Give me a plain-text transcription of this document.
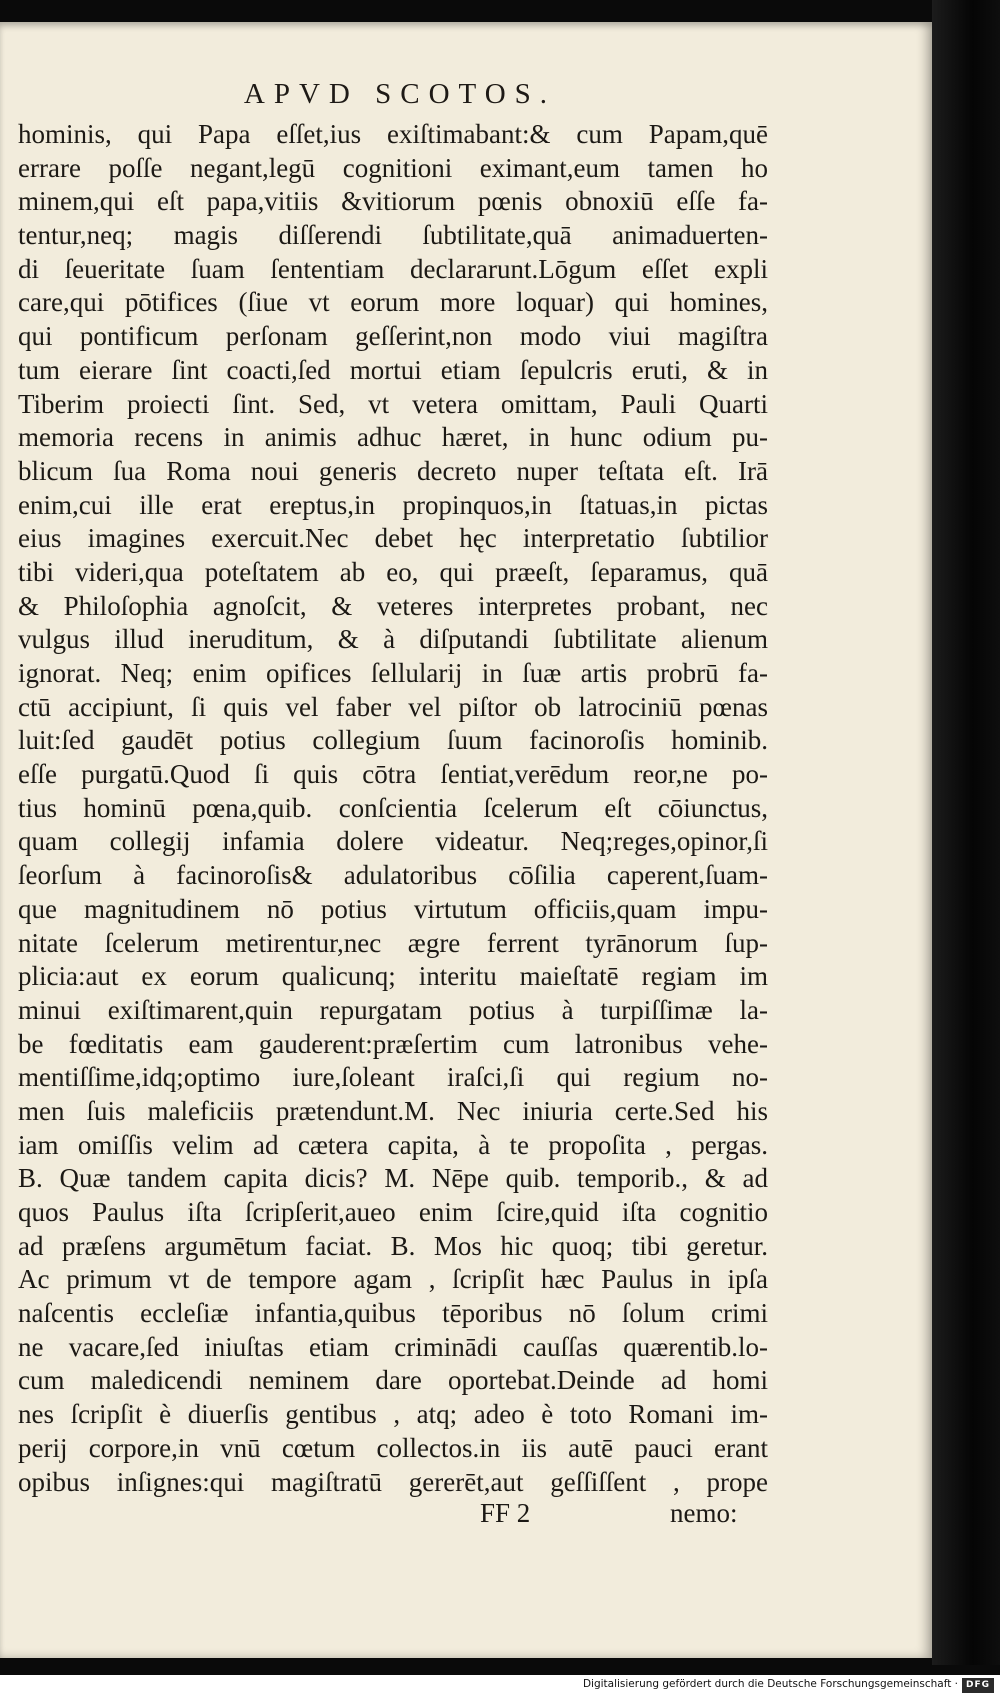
APVD SCOTOS.
hominis, qui Papa eſſet,ius exiſtimabant:& cum Papam,quē
errare poſſe negant,legū cognitioni eximant,eum tamen ho
minem,qui eſt papa,vitiis &vitiorum pœnis obnoxiū eſſe fa-
tentur,neq; magis diſſerendi ſubtilitate,quā animaduerten-
di ſeueritate ſuam ſententiam declararunt.Lōgum eſſet expli
care,qui pōtifices (ſiue vt eorum more loquar) qui homines,
qui pontificum perſonam geſſerint,non modo viui magiſtra
tum eierare ſint coacti,ſed mortui etiam ſepulcris eruti, & in
Tiberim proiecti ſint. Sed, vt vetera omittam, Pauli Quarti
memoria recens in animis adhuc hæret, in hunc odium pu-
blicum ſua Roma noui generis decreto nuper teſtata eſt. Irā
enim,cui ille erat ereptus,in propinquos,in ſtatuas,in pictas
eius imagines exercuit.Nec debet hęc interpretatio ſubtilior
tibi videri,qua poteſtatem ab eo, qui præeſt, ſeparamus, quā
& Philoſophia agnoſcit, & veteres interpretes probant, nec
vulgus illud ineruditum, & à diſputandi ſubtilitate alienum
ignorat. Neq; enim opifices ſellularij in ſuæ artis probrū fa-
ctū accipiunt, ſi quis vel faber vel piſtor ob latrociniū pœnas
luit:ſed gaudēt potius collegium ſuum facinoroſis hominib.
eſſe purgatū.Quod ſi quis cōtra ſentiat,verēdum reor,ne po-
tius hominū pœna,quib. conſcientia ſcelerum eſt cōiunctus,
quam collegij infamia dolere videatur. Neq;reges,opinor,ſi
ſeorſum à facinoroſis& adulatoribus cōſilia caperent,ſuam-
que magnitudinem nō potius virtutum officiis,quam impu-
nitate ſcelerum metirentur,nec ægre ferrent tyrānorum ſup-
plicia:aut ex eorum qualicunq; interitu maieſtatē regiam im
minui exiſtimarent,quin repurgatam potius à turpiſſimæ la-
be fœditatis eam gauderent:præſertim cum latronibus vehe-
mentiſſime,idq;optimo iure,ſoleant iraſci,ſi qui regium no-
men ſuis maleficiis prætendunt.M. Nec iniuria certe.Sed his
iam omiſſis velim ad cætera capita, à te propoſita , pergas.
B. Quæ tandem capita dicis? M. Nēpe quib. temporib., & ad
quos Paulus iſta ſcripſerit,aueo enim ſcire,quid iſta cognitio
ad præſens argumētum faciat. B. Mos hic quoq; tibi geretur.
Ac primum vt de tempore agam , ſcripſit hæc Paulus in ipſa
naſcentis eccleſiæ infantia,quibus tēporibus nō ſolum crimi
ne vacare,ſed iniuſtas etiam criminādi cauſſas quærentib.lo-
cum maledicendi neminem dare oportebat.Deinde ad homi
nes ſcripſit è diuerſis gentibus , atq; adeo è toto Romani im-
perij corpore,in vnū cœtum collectos.in iis autē pauci erant
opibus inſignes:qui magiſtratū gererēt,aut geſſiſſent , prope
FF 2	nemo:
Digitalisierung gefördert durch die Deutsche Forschungsgemeinschaft · DFG
